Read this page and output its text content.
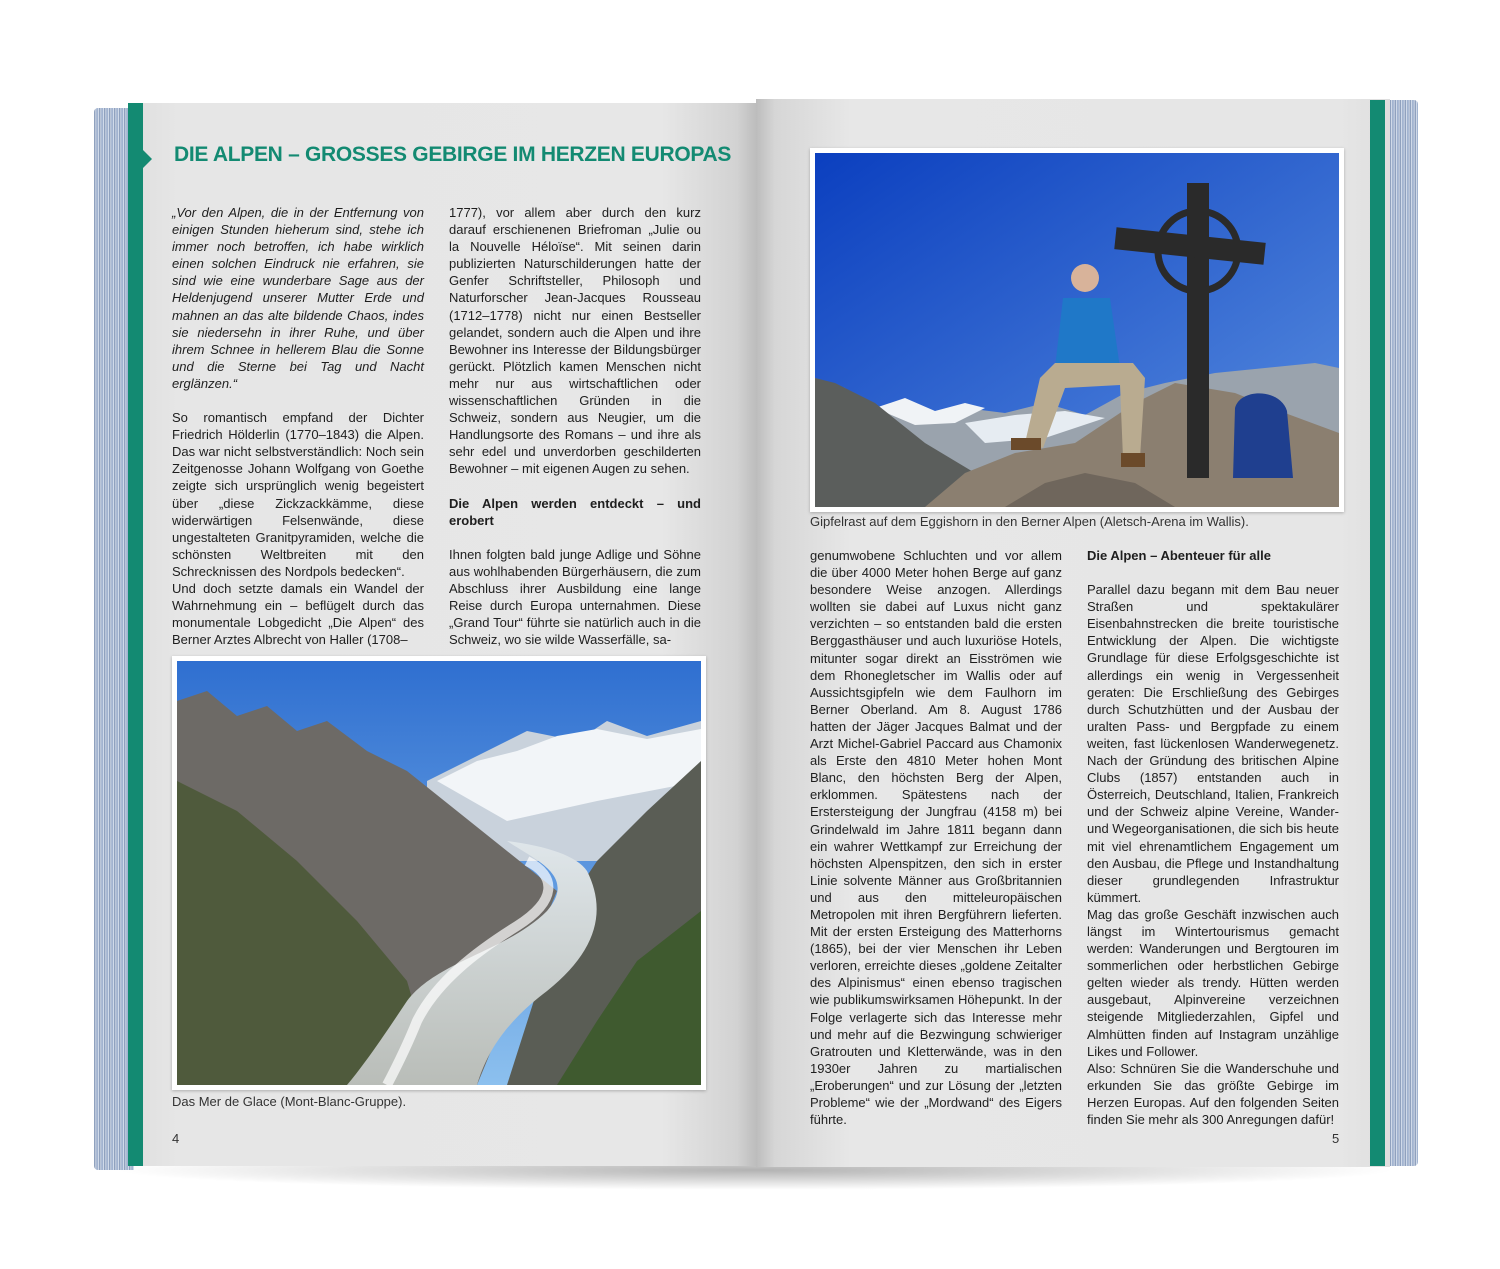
DIE ALPEN – GROSSES GEBIRGE IM HERZEN EUROPAS

„Vor den Alpen, die in der Entfernung von einigen Stunden hieherum sind, stehe ich immer noch betroffen, ich habe wirklich einen solchen Eindruck nie erfahren, sie sind wie eine wunderbare Sage aus der Heldenjugend unserer Mutter Erde und mahnen an das alte bildende Chaos, indes sie niedersehn in ihrer Ruhe, und über ihrem Schnee in hellerem Blau die Sonne und die Sterne bei Tag und Nacht erglänzen.“

So romantisch empfand der Dichter Friedrich Hölderlin (1770–1843) die Alpen. Das war nicht selbstverständlich: Noch sein Zeitgenosse Johann Wolfgang von Goethe zeigte sich ursprünglich wenig begeistert über „diese Zickzackkämme, diese widerwärtigen Felsenwände, diese ungestalteten Granitpyramiden, welche die schönsten Weltbreiten mit den Schrecknissen des Nordpols bedecken“.

Und doch setzte damals ein Wandel der Wahrnehmung ein – beflügelt durch das monumentale Lobgedicht „Die Alpen“ des Berner Arztes Albrecht von Haller (1708–

1777), vor allem aber durch den kurz darauf erschienenen Briefroman „Julie ou la Nouvelle Héloïse“. Mit seinen darin publizierten Naturschilderungen hatte der Genfer Schriftsteller, Philosoph und Naturforscher Jean-Jacques Rousseau (1712–1778) nicht nur einen Bestseller gelandet, sondern auch die Alpen und ihre Bewohner ins Interesse der Bildungsbürger gerückt. Plötzlich kamen Menschen nicht mehr nur aus wirtschaftlichen oder wissenschaftlichen Gründen in die Schweiz, sondern aus Neugier, um die Handlungsorte des Romans – und ihre als sehr edel und unverdorben geschilderten Bewohner – mit eigenen Augen zu sehen.

Die Alpen werden entdeckt – und erobert

Ihnen folgten bald junge Adlige und Söhne aus wohlhabenden Bürgerhäusern, die zum Abschluss ihrer Ausbildung eine lange Reise durch Europa unternahmen. Diese „Grand Tour“ führte sie natürlich auch in die Schweiz, wo sie wilde Wasserfälle, sa-

Das Mer de Glace (Mont-Blanc-Gruppe).
4
Gipfelrast auf dem Eggishorn in den Berner Alpen (Aletsch-Arena im Wallis).

genumwobene Schluchten und vor allem die über 4000 Meter hohen Berge auf ganz besondere Weise anzogen. Allerdings wollten sie dabei auf Luxus nicht ganz verzichten – so entstanden bald die ersten Berggasthäuser und auch luxuriöse Hotels, mitunter sogar direkt an Eisströmen wie dem Rhonegletscher im Wallis oder auf Aussichtsgipfeln wie dem Faulhorn im Berner Oberland. Am 8. August 1786 hatten der Jäger Jacques Balmat und der Arzt Michel-Gabriel Paccard aus Chamonix als Erste den 4810 Meter hohen Mont Blanc, den höchsten Berg der Alpen, erklommen. Spätestens nach der Erstersteigung der Jungfrau (4158 m) bei Grindelwald im Jahre 1811 begann dann ein wahrer Wettkampf zur Erreichung der höchsten Alpenspitzen, den sich in erster Linie solvente Männer aus Großbritannien und aus den mitteleuropäischen Metropolen mit ihren Bergführern lieferten. Mit der ersten Ersteigung des Matterhorns (1865), bei der vier Menschen ihr Leben verloren, erreichte dieses „goldene Zeitalter des Alpinismus“ einen ebenso tragischen wie publikumswirksamen Höhepunkt. In der Folge verlagerte sich das Interesse mehr und mehr auf die Bezwingung schwieriger Gratrouten und Kletterwände, was in den 1930er Jahren zu martialischen „Eroberungen“ und zur Lösung der „letzten Probleme“ wie der „Mordwand“ des Eigers führte.

Die Alpen – Abenteuer für alle

Parallel dazu begann mit dem Bau neuer Straßen und spektakulärer Eisenbahnstrecken die breite touristische Entwicklung der Alpen. Die wichtigste Grundlage für diese Erfolgsgeschichte ist allerdings ein wenig in Vergessenheit geraten: Die Erschließung des Gebirges durch Schutzhütten und der Ausbau der uralten Pass- und Bergpfade zu einem weiten, fast lückenlosen Wanderwegenetz. Nach der Gründung des britischen Alpine Clubs (1857) entstanden auch in Österreich, Deutschland, Italien, Frankreich und der Schweiz alpine Vereine, Wander- und Wegeorganisationen, die sich bis heute mit viel ehrenamtlichem Engagement um den Ausbau, die Pflege und Instandhaltung dieser grundlegenden Infrastruktur kümmert.

Mag das große Geschäft inzwischen auch längst im Wintertourismus gemacht werden: Wanderungen und Bergtouren im sommerlichen oder herbstlichen Gebirge gelten wieder als trendy. Hütten werden ausgebaut, Alpinvereine verzeichnen steigende Mitgliederzahlen, Gipfel und Almhütten finden auf Instagram unzählige Likes und Follower.

Also: Schnüren Sie die Wanderschuhe und erkunden Sie das größte Gebirge im Herzen Europas. Auf den folgenden Seiten finden Sie mehr als 300 Anregungen dafür!

5
